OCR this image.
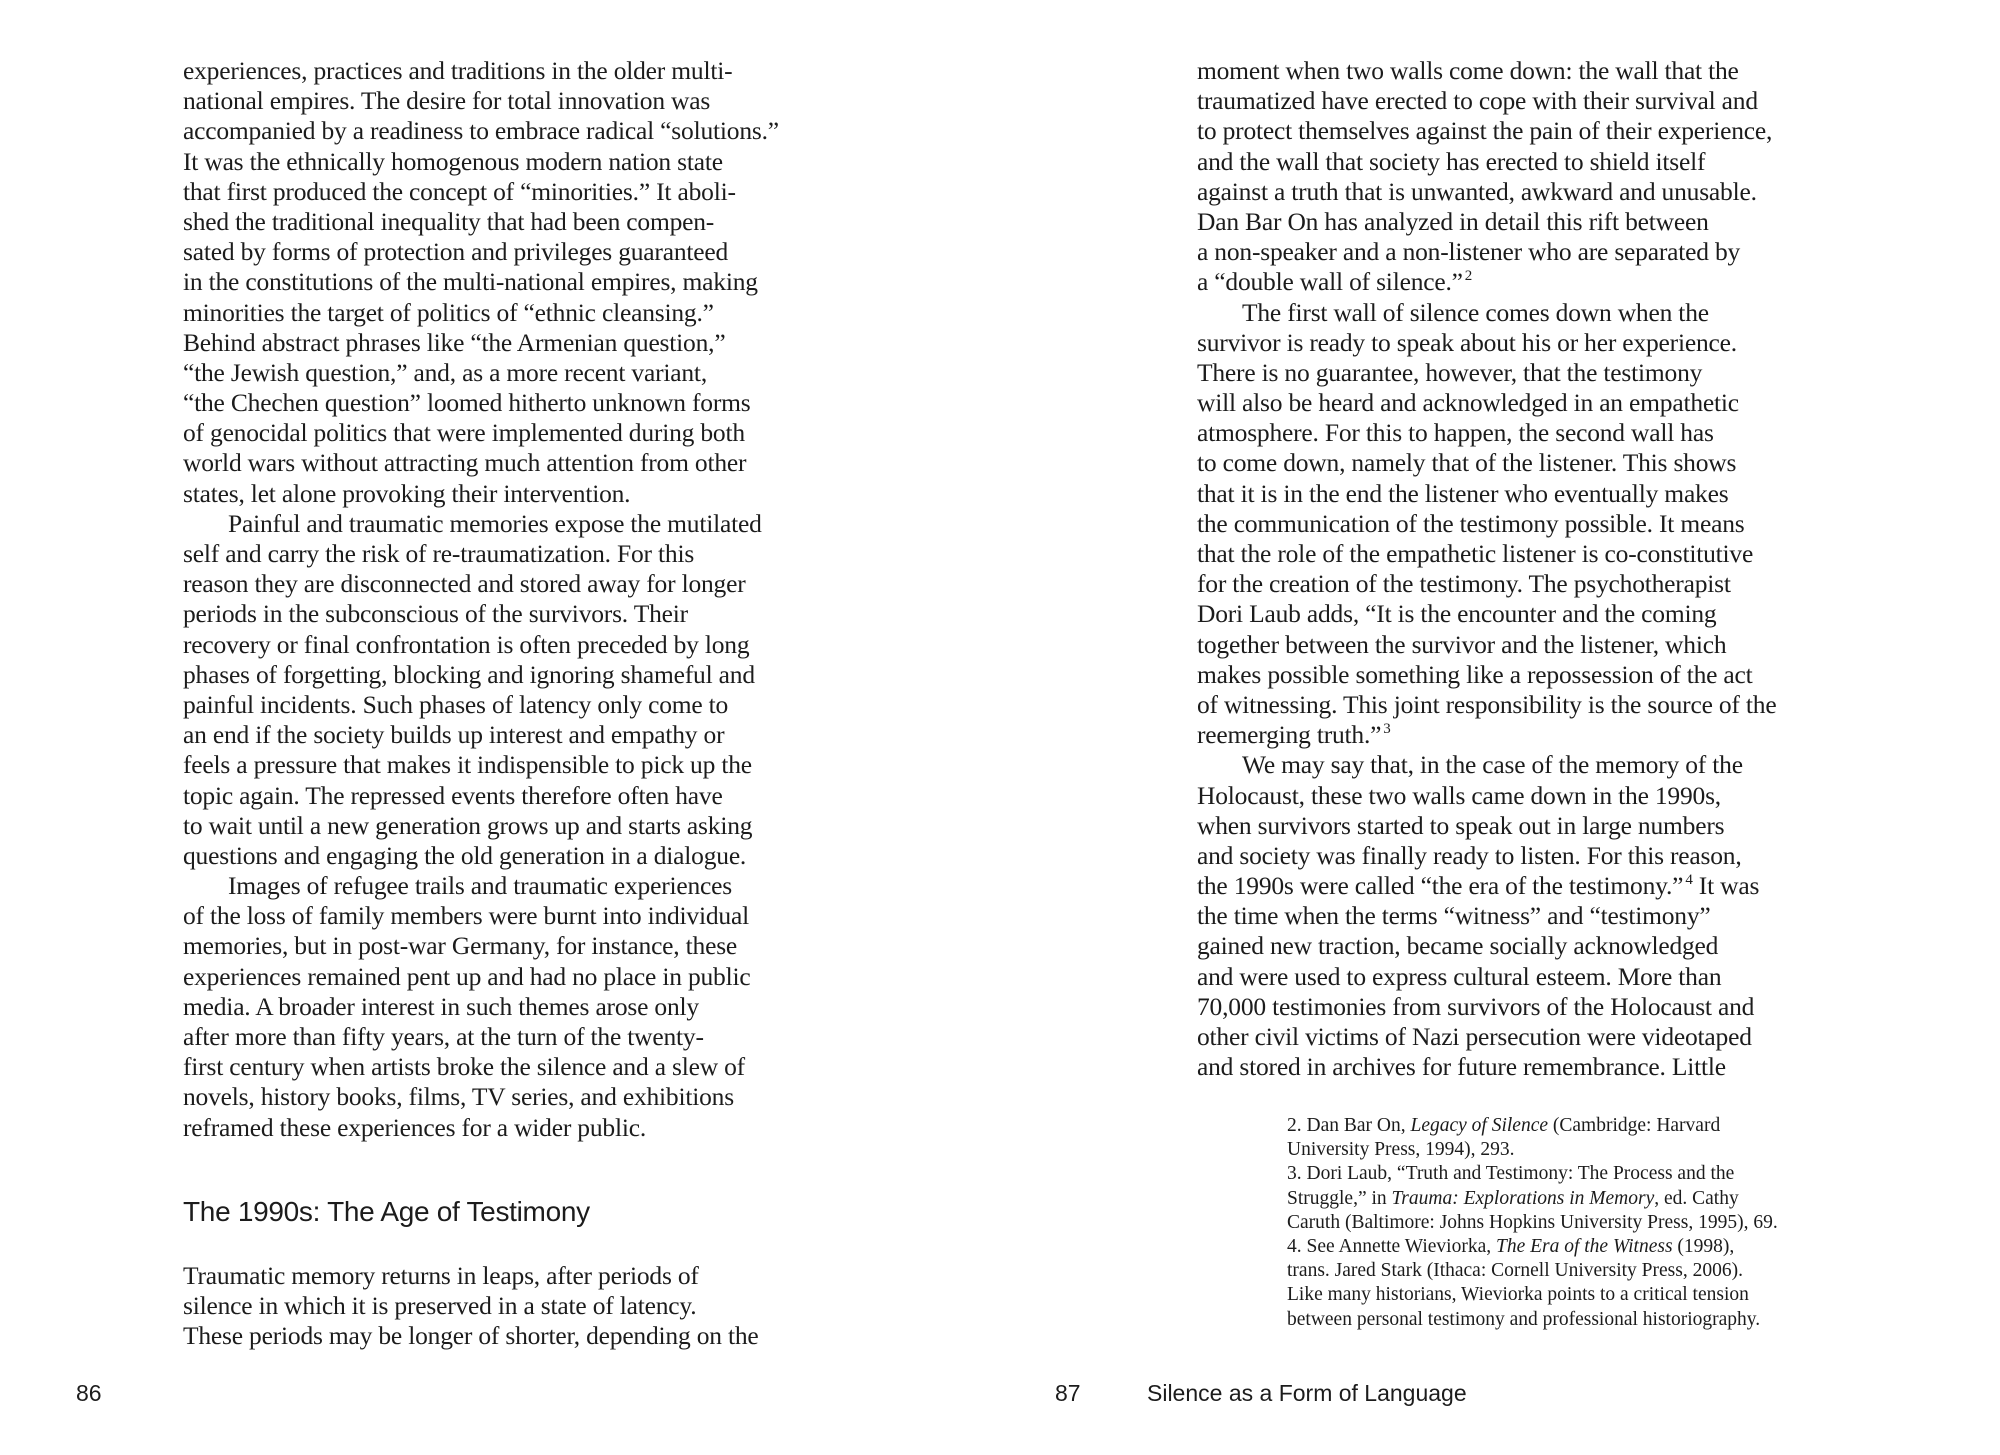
experiences, practices and traditions in the older multi-
national empires. The desire for total innovation was
accompanied by a readiness to embrace radical “solutions.”
It was the ethnically homogenous modern nation state
that first produced the concept of “minorities.” It aboli-
shed the traditional inequality that had been compen-
sated by forms of protection and privileges guaranteed
in the constitutions of the multi-national empires, making
minorities the target of politics of “ethnic cleansing.”
Behind abstract phrases like “the Armenian question,”
“the Jewish question,” and, as a more recent variant,
“the Chechen question” loomed hitherto unknown forms
of genocidal politics that were implemented during both
world wars without attracting much attention from other
states, let alone provoking their intervention.
Painful and traumatic memories expose the mutilated
self and carry the risk of re-traumatization. For this
reason they are disconnected and stored away for longer
periods in the subconscious of the survivors. Their
recovery or final confrontation is often preceded by long
phases of forgetting, blocking and ignoring shameful and
painful incidents. Such phases of latency only come to
an end if the society builds up interest and empathy or
feels a pressure that makes it indispensible to pick up the
topic again. The repressed events therefore often have
to wait until a new generation grows up and starts asking
questions and engaging the old generation in a dialogue.
Images of refugee trails and traumatic experiences
of the loss of family members were burnt into individual
memories, but in post-war Germany, for instance, these
experiences remained pent up and had no place in public
media. A broader interest in such themes arose only
after more than fifty years, at the turn of the twenty-
first century when artists broke the silence and a slew of
novels, history books, films, TV series, and exhibitions
reframed these experiences for a wider public.
The 1990s: The Age of Testimony
Traumatic memory returns in leaps, after periods of
silence in which it is preserved in a state of latency.
These periods may be longer of shorter, depending on the
86
moment when two walls come down: the wall that the
traumatized have erected to cope with their survival and
to protect themselves against the pain of their experience,
and the wall that society has erected to shield itself
against a truth that is unwanted, awkward and unusable.
Dan Bar On has analyzed in detail this rift between
a non-speaker and a non-listener who are separated by
a “double wall of silence.” $^2$
The first wall of silence comes down when the
survivor is ready to speak about his or her experience.
There is no guarantee, however, that the testimony
will also be heard and acknowledged in an empathetic
atmosphere. For this to happen, the second wall has
to come down, namely that of the listener. This shows
that it is in the end the listener who eventually makes
the communication of the testimony possible. It means
that the role of the empathetic listener is co-constitutive
for the creation of the testimony. The psychotherapist
Dori Laub adds, “It is the encounter and the coming
together between the survivor and the listener, which
makes possible something like a repossession of the act
of witnessing. This joint responsibility is the source of the
reemerging truth.” $^3$
We may say that, in the case of the memory of the
Holocaust, these two walls came down in the 1990s,
when survivors started to speak out in large numbers
and society was finally ready to listen. For this reason,
the 1990s were called “the era of the testimony.” $^4$ It was
the time when the terms “witness” and “testimony”
gained new traction, became socially acknowledged
and were used to express cultural esteem. More than
70,000 testimonies from survivors of the Holocaust and
other civil victims of Nazi persecution were videotaped
and stored in archives for future remembrance. Little
2. Dan Bar On, Legacy of Silence (Cambridge: Harvard
University Press, 1994), 293.
3. Dori Laub, “Truth and Testimony: The Process and the
Struggle,” in Trauma: Explorations in Memory, ed. Cathy
Caruth (Baltimore: Johns Hopkins University Press, 1995), 69.
4. See Annette Wieviorka, The Era of the Witness (1998),
trans. Jared Stark (Ithaca: Cornell University Press, 2006).
Like many historians, Wieviorka points to a critical tension
between personal testimony and professional historiography.
87	Silence as a Form of Language
